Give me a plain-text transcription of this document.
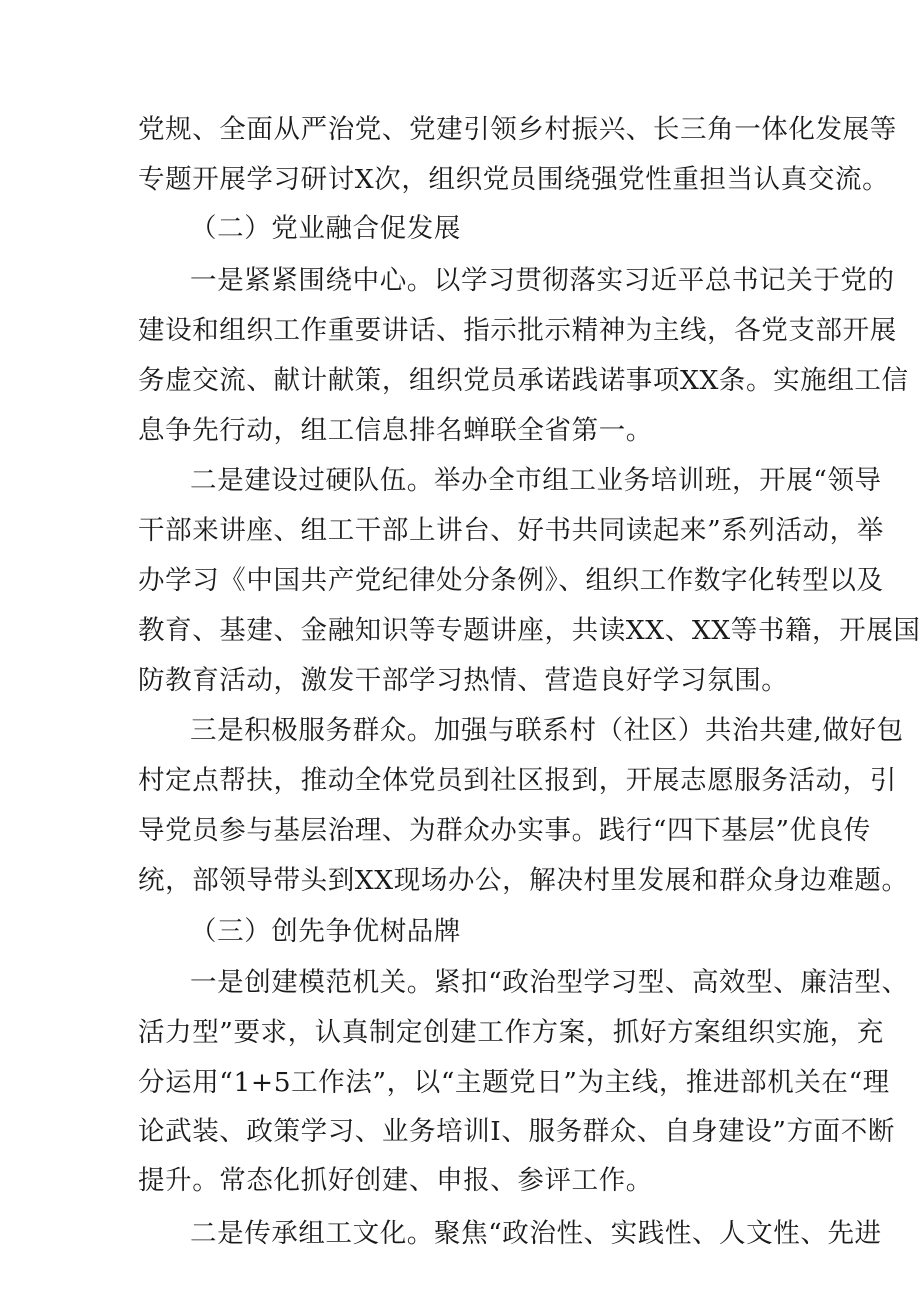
党规、全面从严治党、党建引领乡村振兴、长三角一体化发展等
专题开展学习研讨X次，组织党员围绕强党性重担当认真交流。
（二）党业融合促发展
一是紧紧围绕中心。以学习贯彻落实习近平总书记关于党的
建设和组织工作重要讲话、指示批示精神为主线，各党支部开展
务虚交流、献计献策，组织党员承诺践诺事项XX条。实施组工信
息争先行动，组工信息排名蝉联全省第一。
二是建设过硬队伍。举办全市组工业务培训班，开展“领导
干部来讲座、组工干部上讲台、好书共同读起来”系列活动，举
办学习《中国共产党纪律处分条例》、组织工作数字化转型以及
教育、基建、金融知识等专题讲座，共读XX、XX等书籍，开展国
防教育活动，激发干部学习热情、营造良好学习氛围。
三是积极服务群众。加强与联系村（社区）共治共建,做好包
村定点帮扶，推动全体党员到社区报到，开展志愿服务活动，引
导党员参与基层治理、为群众办实事。践行“四下基层”优良传
统，部领导带头到XX现场办公，解决村里发展和群众身边难题。
（三）创先争优树品牌
一是创建模范机关。紧扣“政治型学习型、高效型、廉洁型、
活力型”要求，认真制定创建工作方案，抓好方案组织实施，充
分运用“1+5工作法”，以“主题党日”为主线，推进部机关在“理
论武装、政策学习、业务培训I、服务群众、自身建设”方面不断
提升。常态化抓好创建、申报、参评工作。
二是传承组工文化。聚焦“政治性、实践性、人文性、先进
